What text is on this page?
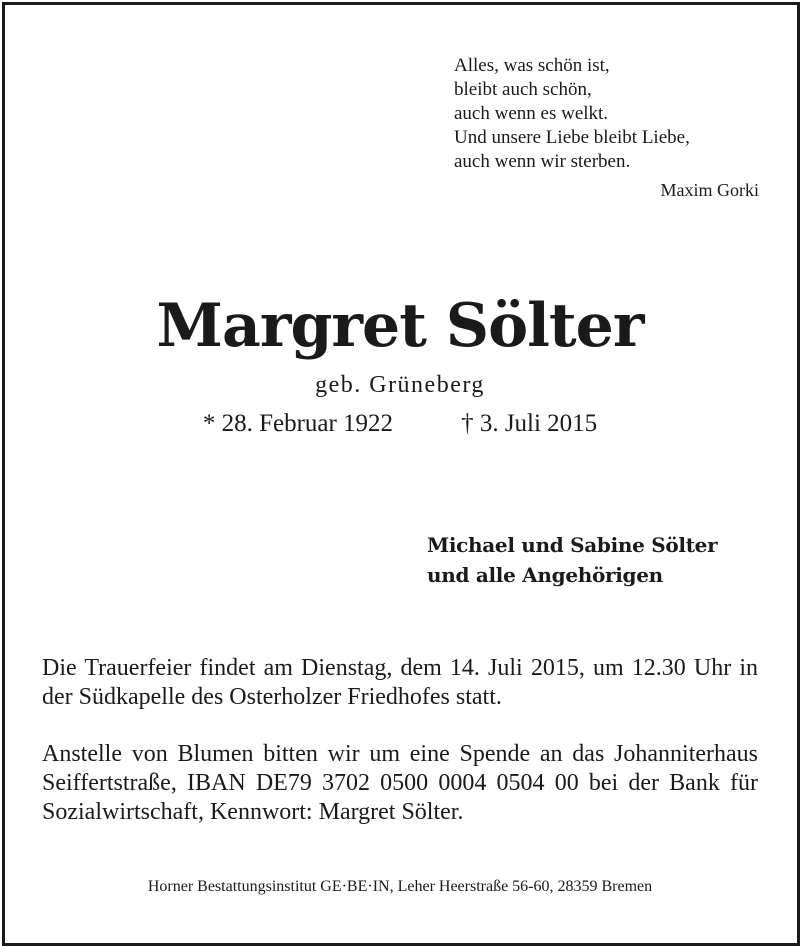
Alles, was schön ist,
bleibt auch schön,
auch wenn es welkt.
Und unsere Liebe bleibt Liebe,
auch wenn wir sterben.
Maxim Gorki
Margret Sölter
geb. Grüneberg
* 28. Februar 1922	† 3. Juli 2015
Michael und Sabine Sölter
und alle Angehörigen
Die Trauerfeier findet am Dienstag, dem 14. Juli 2015, um 12.30 Uhr in der Südkapelle des Osterholzer Friedhofes statt.
Anstelle von Blumen bitten wir um eine Spende an das Johanniterhaus Seiffertstraße, IBAN DE79 3702 0500 0004 0504 00 bei der Bank für Sozialwirtschaft, Kennwort: Margret Sölter.
Horner Bestattungsinstitut GE·BE·IN, Leher Heerstraße 56-60, 28359 Bremen
